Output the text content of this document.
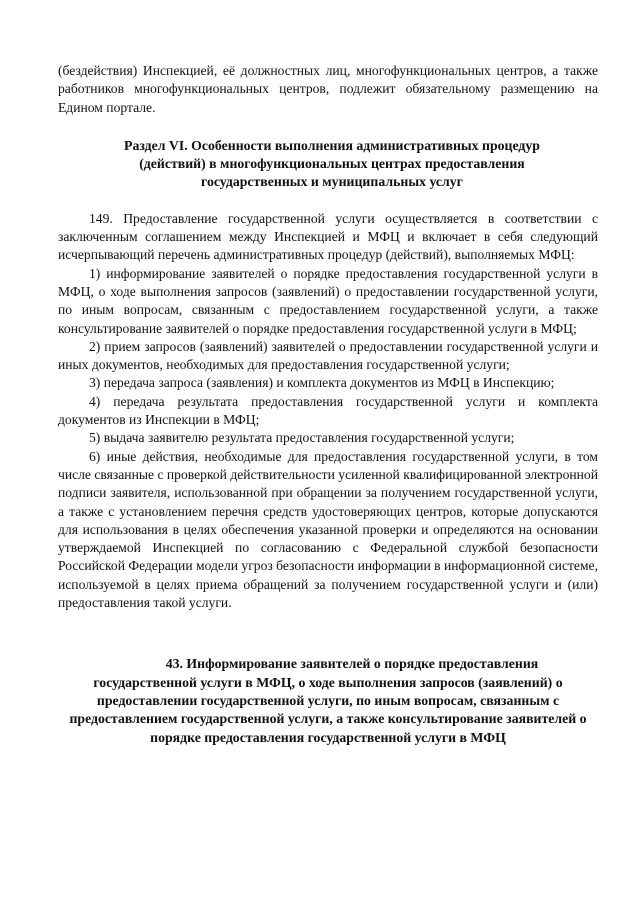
(бездействия) Инспекцией, её должностных лиц, многофункциональных центров, а также работников многофункциональных центров, подлежит обязательному размещению на Едином портале.

Раздел VI. Особенности выполнения административных процедур (действий) в многофункциональных центрах предоставления государственных и муниципальных услуг

149. Предоставление государственной услуги осуществляется в соответствии с заключенным соглашением между Инспекцией и МФЦ и включает в себя следующий исчерпывающий перечень административных процедур (действий), выполняемых МФЦ:

1) информирование заявителей о порядке предоставления государственной услуги в МФЦ, о ходе выполнения запросов (заявлений) о предоставлении государственной услуги, по иным вопросам, связанным с предоставлением государственной услуги, а также консультирование заявителей о порядке предоставления государственной услуги в МФЦ;

2) прием запросов (заявлений) заявителей о предоставлении государственной услуги и иных документов, необходимых для предоставления государственной услуги;

3) передача запроса (заявления) и комплекта документов из МФЦ в Инспекцию;

4) передача результата предоставления государственной услуги и комплекта документов из Инспекции в МФЦ;

5) выдача заявителю результата предоставления государственной услуги;

6) иные действия, необходимые для предоставления государственной услуги, в том числе связанные с проверкой действительности усиленной квалифицированной электронной подписи заявителя, использованной при обращении за получением государственной услуги, а также с установлением перечня средств удостоверяющих центров, которые допускаются для использования в целях обеспечения указанной проверки и определяются на основании утверждаемой Инспекцией по согласованию с Федеральной службой безопасности Российской Федерации модели угроз безопасности информации в информационной системе, используемой в целях приема обращений за получением государственной услуги и (или) предоставления такой услуги.

43. Информирование заявителей о порядке предоставления
государственной услуги в МФЦ, о ходе выполнения запросов (заявлений) о предоставлении государственной услуги, по иным вопросам, связанным с предоставлением государственной услуги, а также консультирование заявителей о порядке предоставления государственной услуги в МФЦ
